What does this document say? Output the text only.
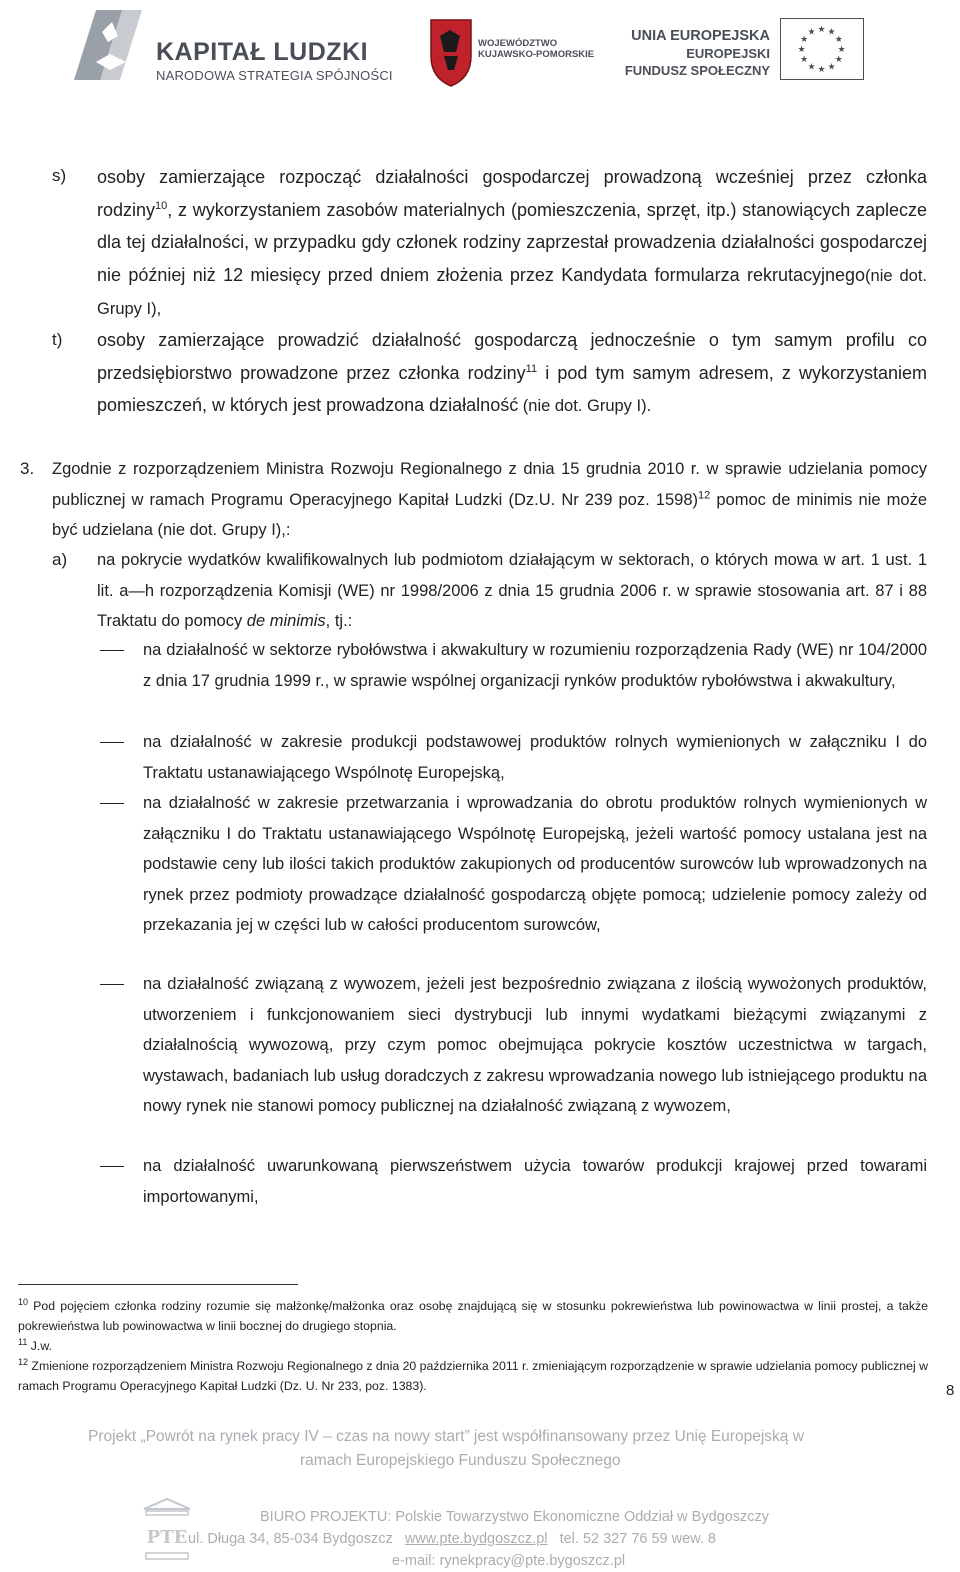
KAPITAŁ LUDZKI
NARODOWA STRATEGIA SPÓJNOŚCI
WOJEWÓDZTWO
KUJAWSKO-POMORSKIE
UNIA EUROPEJSKA
EUROPEJSKI
FUNDUSZ SPOŁECZNY
★ ★
★
★
★
★
★
★
★
★
★
★
s) osoby zamierzające rozpocząć działalności gospodarczej prowadzoną wcześniej przez członka rodziny$^{10}$, z wykorzystaniem zasobów materialnych (pomieszczenia, sprzęt, itp.) stanowiących zaplecze dla tej działalności, w przypadku gdy członek rodziny zaprzestał prowadzenia działalności gospodarczej nie później niż 12 miesięcy przed dniem złożenia przez Kandydata formularza rekrutacyjnego(nie dot. Grupy I),
t) osoby zamierzające prowadzić działalność gospodarczą jednocześnie o tym samym profilu co przedsiębiorstwo prowadzone przez członka rodziny$^{11}$ i pod tym samym adresem, z wykorzystaniem pomieszczeń, w których jest prowadzona działalność (nie dot. Grupy I).
3. Zgodnie z rozporządzeniem Ministra Rozwoju Regionalnego z dnia 15 grudnia 2010 r. w sprawie udzielania pomocy publicznej w ramach Programu Operacyjnego Kapitał Ludzki (Dz.U. Nr 239 poz. 1598)$^{12}$ pomoc de minimis nie może być udzielana (nie dot. Grupy I),:
a) na pokrycie wydatków kwalifikowalnych lub podmiotom działającym w sektorach, o których mowa w art. 1 ust. 1 lit. a—h rozporządzenia Komisji (WE) nr 1998/2006 z dnia 15 grudnia 2006 r. w sprawie stosowania art. 87 i 88 Traktatu do pomocy de minimis, tj.:
na działalność w sektorze rybołówstwa i akwakultury w rozumieniu rozporządzenia Rady (WE) nr 104/2000 z dnia 17 grudnia 1999 r., w sprawie wspólnej organizacji rynków produktów rybołówstwa i akwakultury,
na działalność w zakresie produkcji podstawowej produktów rolnych wymienionych w załączniku I do Traktatu ustanawiającego Wspólnotę Europejską,
na działalność w zakresie przetwarzania i wprowadzania do obrotu produktów rolnych wymienionych w załączniku I do Traktatu ustanawiającego Wspólnotę Europejską, jeżeli wartość pomocy ustalana jest na podstawie ceny lub ilości takich produktów zakupionych od producentów surowców lub wprowadzonych na rynek przez podmioty prowadzące działalność gospodarczą objęte pomocą; udzielenie pomocy zależy od przekazania jej w części lub w całości producentom surowców,
na działalność związaną z wywozem, jeżeli jest bezpośrednio związana z ilością wywożonych produktów, utworzeniem i funkcjonowaniem sieci dystrybucji lub innymi wydatkami bieżącymi związanymi z działalnością wywozową, przy czym pomoc obejmująca pokrycie kosztów uczestnictwa w targach, wystawach, badaniach lub usług doradczych z zakresu wprowadzania nowego lub istniejącego produktu na nowy rynek nie stanowi pomocy publicznej na działalność związaną z wywozem,
na działalność uwarunkowaną pierwszeństwem użycia towarów produkcji krajowej przed towarami importowanymi,
$^{10}$ Pod pojęciem członka rodziny rozumie się małżonkę/małżonka oraz osobę znajdującą się w stosunku pokrewieństwa lub powinowactwa w linii prostej, a także pokrewieństwa lub powinowactwa w linii bocznej do drugiego stopnia.
$^{11}$ J.w.
$^{12}$ Zmienione rozporządzeniem Ministra Rozwoju Regionalnego z dnia 20 października 2011 r. zmieniającym rozporządzenie w sprawie udzielania pomocy publicznej w ramach Programu Operacyjnego Kapitał Ludzki (Dz. U. Nr 233, poz. 1383).	8
Projekt „Powrót na rynek pracy IV – czas na nowy start” jest współfinansowany przez Unię Europejską w
ramach Europejskiego Funduszu Społecznego
PTE
BIURO PROJEKTU: Polskie Towarzystwo Ekonomiczne Oddział w Bydgoszczy
ul. Długa 34, 85-034 Bydgoszcz   www.pte.bydgoszcz.pl   tel. 52 327 76 59 wew. 8
e-mail: rynekpracy@pte.bygoszcz.pl
